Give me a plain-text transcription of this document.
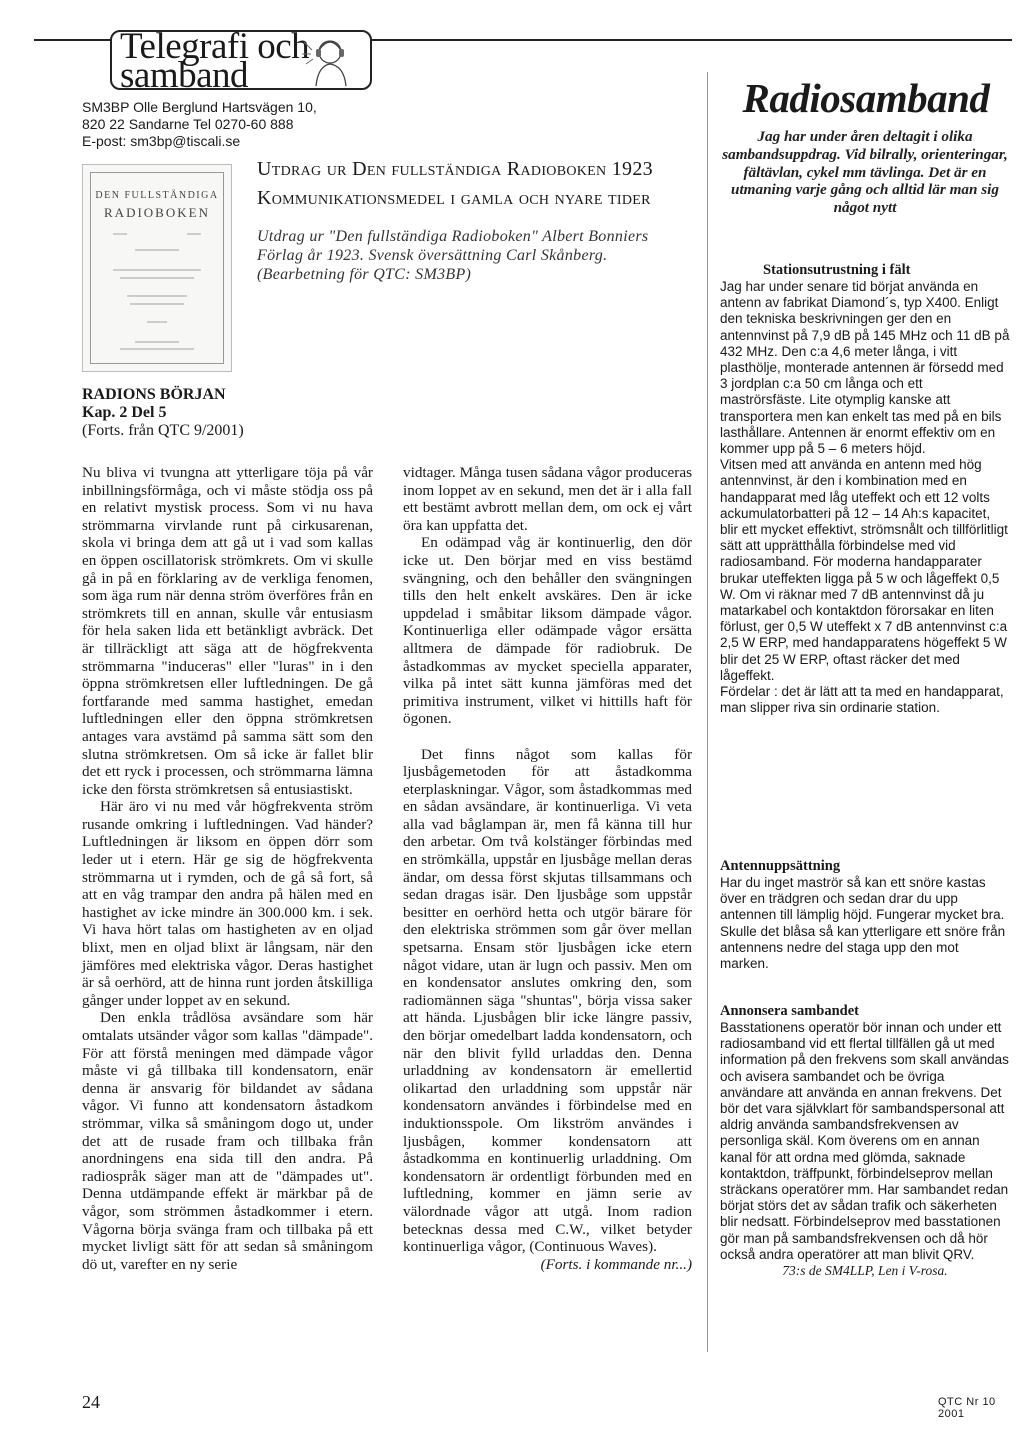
Telegrafi och
samband
SM3BP Olle Berglund Hartsvägen 10,
820 22 Sandarne Tel 0270-60 888
E-post: sm3bp@tiscali.se
DEN FULLSTÄNDIGA
RADIOBOKEN
Utdrag ur Den fullständiga Radioboken 1923
Kommunikationsmedel i gamla och nyare tider
Utdrag ur "Den fullständiga Radioboken" Albert Bonniers
Förlag år 1923. Svensk översättning Carl Skånberg.
(Bearbetning för QTC: SM3BP)
RADIONS BÖRJAN
Kap. 2 Del 5
(Forts. från QTC 9/2001)

Nu bliva vi tvungna att ytterligare töja på vår inbillningsförmåga, och vi måste stödja oss på en relativt mystisk process. Som vi nu hava strömmarna virvlande runt på cirkusarenan, skola vi bringa dem att gå ut i vad som kallas en öppen oscillatorisk strömkrets. Om vi skulle gå in på en förklaring av de verkliga fenomen, som äga rum när denna ström överföres från en strömkrets till en annan, skulle vår entusiasm för hela saken lida ett betänkligt avbräck. Det är tillräckligt att säga att de högfrekventa strömmarna "induceras" eller "luras" in i den öppna strömkretsen eller luftledningen. De gå fortfarande med samma hastighet, emedan luftledningen eller den öppna strömkretsen antages vara avstämd på samma sätt som den slutna strömkretsen. Om så icke är fallet blir det ett ryck i processen, och strömmarna lämna icke den första strömkretsen så entusiastiskt.

Här äro vi nu med vår högfrekventa ström rusande omkring i luftledningen. Vad händer? Luftledningen är liksom en öppen dörr som leder ut i etern. Här ge sig de högfrekventa strömmarna ut i rymden, och de gå så fort, så att en våg trampar den andra på hälen med en hastighet av icke mindre än 300.000 km. i sek. Vi hava hört talas om hastigheten av en oljad blixt, men en oljad blixt är långsam, när den jämföres med elektriska vågor. Deras hastighet är så oerhörd, att de hinna runt jorden åtskilliga gånger under loppet av en sekund.

Den enkla trådlösa avsändare som här omtalats utsänder vågor som kallas "dämpade". För att förstå meningen med dämpade vågor måste vi gå tillbaka till kondensatorn, enär denna är ansvarig för bildandet av sådana vågor. Vi funno att kondensatorn åstadkom strömmar, vilka så småningom dogo ut, under det att de rusade fram och tillbaka från anordningens ena sida till den andra. På radiospråk säger man att de "dämpades ut". Denna utdämpande effekt är märkbar på de vågor, som strömmen åstadkommer i etern. Vågorna börja svänga fram och tillbaka på ett mycket livligt sätt för att sedan så småningom dö ut, varefter en ny serie

vidtager. Många tusen sådana vågor produceras inom loppet av en sekund, men det är i alla fall ett bestämt avbrott mellan dem, om ock ej vårt öra kan uppfatta det.

En odämpad våg är kontinuerlig, den dör icke ut. Den börjar med en viss bestämd svängning, och den behåller den svängningen tills den helt enkelt avskäres. Den är icke uppdelad i småbitar liksom dämpade vågor. Kontinuerliga eller odämpade vågor ersätta alltmera de dämpade för radiobruk. De åstadkommas av mycket speciella apparater, vilka på intet sätt kunna jämföras med det primitiva instrument, vilket vi hittills haft för ögonen.

Det finns något som kallas för ljusbågemetoden för att åstadkomma eterplaskningar. Vågor, som åstadkommas med en sådan avsändare, är kontinuerliga. Vi veta alla vad båglampan är, men få känna till hur den arbetar. Om två kolstänger förbindas med en strömkälla, uppstår en ljusbåge mellan deras ändar, om dessa först skjutas tillsammans och sedan dragas isär. Den ljusbåge som uppstår besitter en oerhörd hetta och utgör bärare för den elektriska strömmen som går över mellan spetsarna. Ensam stör ljusbågen icke etern något vidare, utan är lugn och passiv. Men om en kondensator anslutes omkring den, som radiomännen säga "shuntas", börja vissa saker att hända. Ljusbågen blir icke längre passiv, den börjar omedelbart ladda kondensatorn, och när den blivit fylld urladdas den. Denna urladdning av kondensatorn är emellertid olikartad den urladdning som uppstår när kondensatorn användes i förbindelse med en induktionsspole. Om likström användes i ljusbågen, kommer kondensatorn att åstadkomma en kontinuerlig urladdning. Om kondensatorn är ordentligt förbunden med en luftledning, kommer en jämn serie av välordnade vågor att utgå. Inom radion betecknas dessa med C.W., vilket betyder kontinuerliga vågor, (Continuous Waves).

(Forts. i kommande nr...)

Radiosamband
Jag har under åren deltagit i olika sambandsuppdrag. Vid bilrally, orienteringar, fältävlan, cykel mm tävlinga. Det är en utmaning varje gång och alltid lär man sig något nytt
Stationsutrustning i fält

Jag har under senare tid börjat använda en antenn av fabrikat Diamond´s, typ X400. Enligt den tekniska beskrivningen ger den en antennvinst på 7,9 dB på 145 MHz och 11 dB på 432 MHz. Den c:a 4,6 meter långa, i vitt plasthölje, monterade antennen är försedd med 3 jordplan c:a 50 cm långa och ett maströrsfäste. Lite otymplig kanske att transportera men kan enkelt tas med på en bils lasthållare. Antennen är enormt effektiv om en kommer upp på 5 – 6 meters höjd.
Vitsen med att använda en antenn med hög antennvinst, är den i kombination med en handapparat med låg uteffekt och ett 12 volts ackumulatorbatteri på 12 – 14 Ah:s kapacitet, blir ett mycket effektivt, strömsnålt och tillförlitligt sätt att upprätthålla förbindelse med vid radiosamband. För moderna handapparater brukar uteffekten ligga på 5 w och lågeffekt 0,5 W. Om vi räknar med 7 dB antennvinst då ju matarkabel och kontaktdon förorsakar en liten förlust, ger 0,5 W uteffekt x 7 dB antennvinst c:a 2,5 W ERP, med handapparatens högeffekt 5 W blir det 25 W ERP, oftast räcker det med lågeffekt.
Fördelar : det är lätt att ta med en handapparat, man slipper riva sin ordinarie station.

Antennuppsättning

Har du inget maströr så kan ett snöre kastas över en trädgren och sedan drar du upp antennen till lämplig höjd. Fungerar mycket bra. Skulle det blåsa så kan ytterligare ett snöre från antennens nedre del staga upp den mot marken.

Annonsera sambandet

Basstationens operatör bör innan och under ett radiosamband vid ett flertal tillfällen gå ut med information på den frekvens som skall användas och avisera sambandet och be övriga användare att använda en annan frekvens. Det bör det vara självklart för sambandspersonal att aldrig använda sambandsfrekvensen av personliga skäl. Kom överens om en annan kanal för att ordna med glömda, saknade kontaktdon, träffpunkt, förbindelseprov mellan sträckans operatörer mm. Har sambandet redan börjat störs det av sådan trafik och säkerheten blir nedsatt. Förbindelseprov med basstationen gör man på sambandsfrekvensen och då hör också andra operatörer att man blivit QRV.

73:s de SM4LLP, Len i V-rosa.

24	QTC Nr 10 2001
